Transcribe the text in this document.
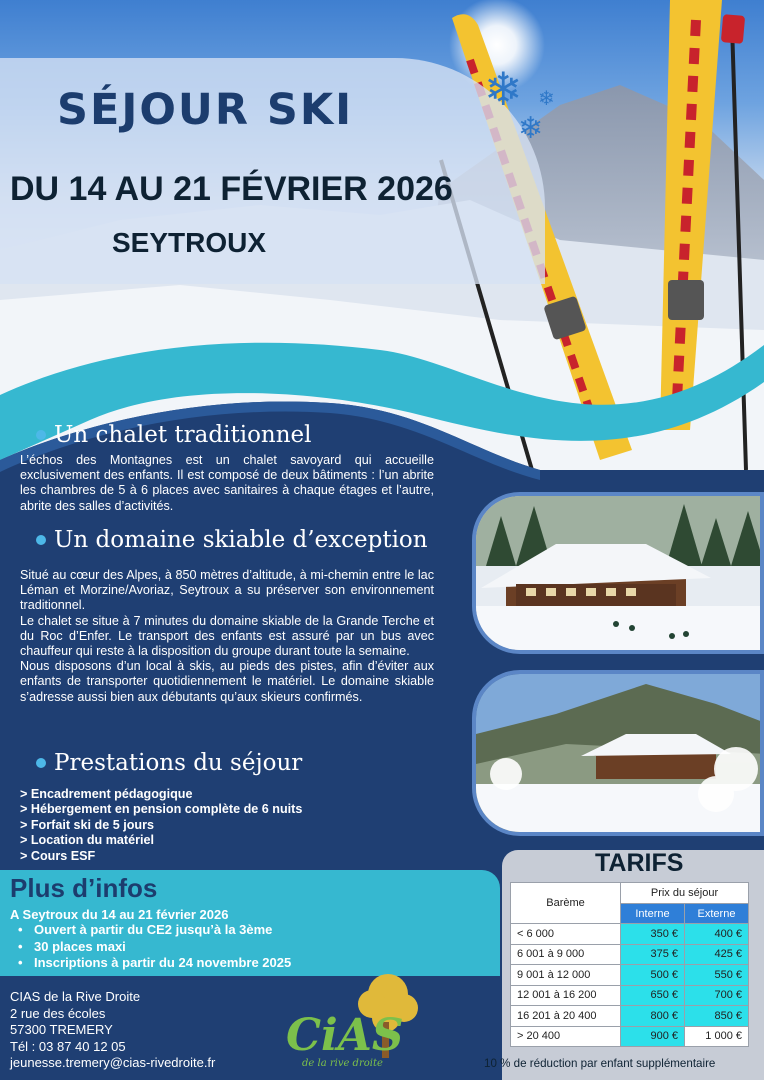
❄ ❄
❄
SÉJOUR SKI
DU 14 AU 21 FÉVRIER 2026
SEYTROUX
Un chalet traditionnel

L’échos des Montagnes est un chalet savoyard qui accueille exclusivement des enfants. Il est composé de deux bâtiments : l’un abrite les chambres de 5 à 6 places avec sanitaires à chaque étages et l’autre, abrite des salles d’activités.

Un domaine skiable d’exception

Situé au cœur des Alpes, à 850 mètres d’altitude, à mi-chemin entre le lac Léman et Morzine/Avoriaz, Seytroux a su préserver son environnement traditionnel.

Le chalet se situe à 7 minutes du domaine skiable de la Grande Terche et du Roc d’Enfer. Le transport des enfants est assuré par un bus avec chauffeur qui reste à la disposition du groupe durant toute la semaine.

Nous disposons d’un local à skis, au pieds des pistes, afin d’éviter aux enfants de transporter quotidiennement le matériel. Le domaine skiable s’adresse aussi bien aux débutants qu’aux skieurs confirmés.

Prestations du séjour
> Encadrement pédagogique
> Hébergement en pension complète de 6 nuits
> Forfait ski de 5 jours
> Location du matériel
> Cours ESF
Plus d’infos
A Seytroux du 14 au 21 février 2026
• Ouvert à partir du CE2 jusqu’à la 3ème
• 30 places maxi
• Inscriptions à partir du 24 novembre 2025
CIAS de la Rive Droite
2 rue des écoles
57300 TREMERY
Tél : 03 87 40 12 05
jeunesse.tremery@cias-rivedroite.fr
CiAS
de la rive droite
TARIFS
Barème	Prix du séjour	
	Interne	Externe
< 6 000	350 €	400 €
6 001 à 9 000	375 €	425 €
9 001 à 12 000	500 €	550 €
12 001 à 16 200	650 €	700 €
16 201 à 20 400	800 €	850 €
> 20 400	900 €	1 000 €
10 % de réduction par enfant supplémentaire
